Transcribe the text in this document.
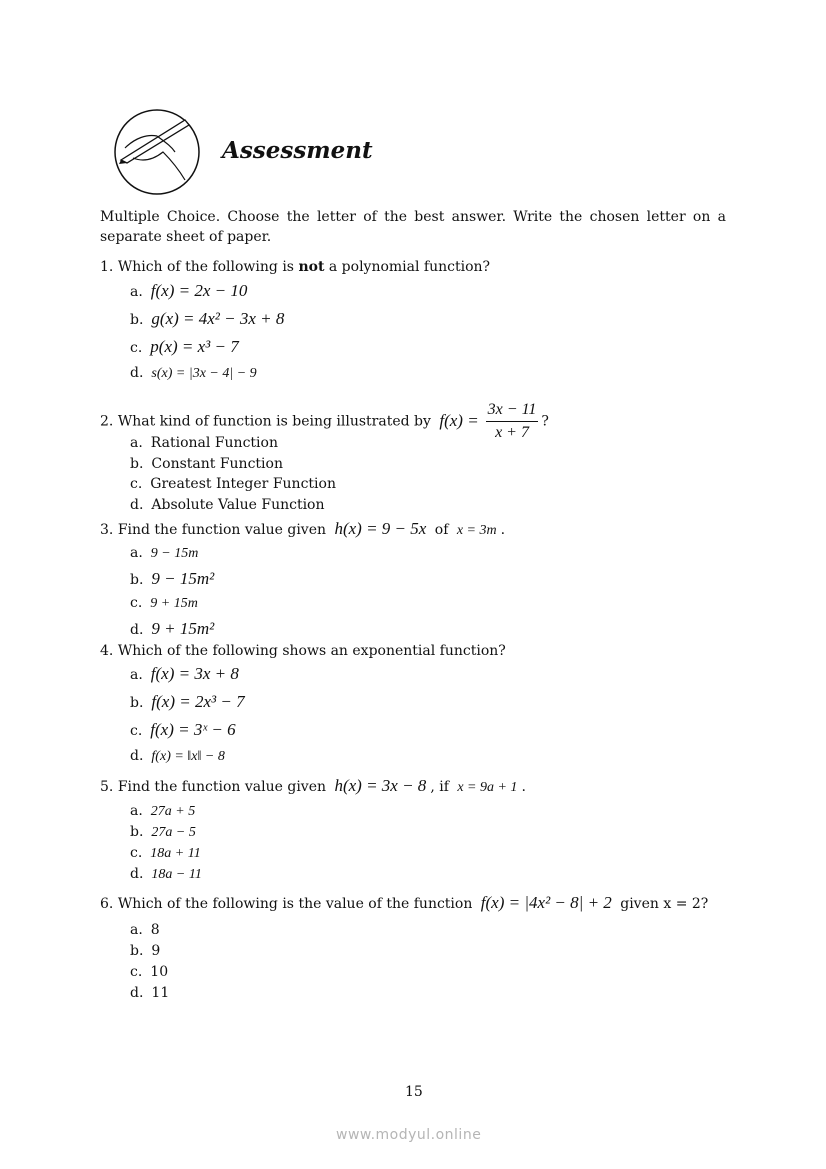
Assessment
Multiple Choice. Choose the letter of the best answer. Write the chosen letter on a separate sheet of paper.
1. Which of the following is not a polynomial function?
a. f(x) = 2x − 10
b. g(x) = 4x² − 3x + 8
c. p(x) = x³ − 7
d. s(x) = |3x − 4| − 9
2. What kind of function is being illustrated by $f(x) = \frac{3x - 11}{x + 7}$ ?
a. Rational Function
b. Constant Function
c. Greatest Integer Function
d. Absolute Value Function
3. Find the function value given h(x) = 9 − 5x of x = 3m .
a. 9 − 15m
b. 9 − 15m²
c. 9 + 15m
d. 9 + 15m²
4. Which of the following shows an exponential function?
a. f(x) = 3x + 8
b. f(x) = 2x³ − 7
c. f(x) = 3ˣ − 6
d. f(x) = ‖x‖ − 8
5. Find the function value given h(x) = 3x − 8 , if x = 9a + 1 .
a. 27a + 5
b. 27a − 5
c. 18a + 11
d. 18a − 11
6. Which of the following is the value of the function f(x) = |4x² − 8| + 2 given x = 2?
a. 8
b. 9
c. 10
d. 11
15
www.modyul.online
